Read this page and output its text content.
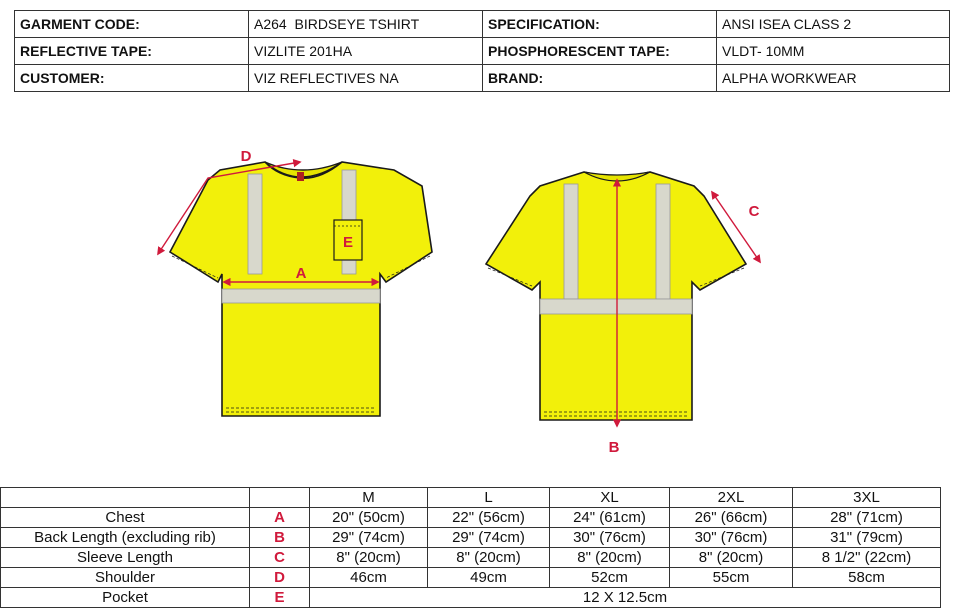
GARMENT CODE:	A264  BIRDSEYE TSHIRT	SPECIFICATION:	ANSI ISEA CLASS 2
REFLECTIVE TAPE:	VIZLITE 201HA	PHOSPHORESCENT TAPE:	VLDT- 10MM
CUSTOMER:	VIZ REFLECTIVES NA	BRAND:	ALPHA WORKWEAR
A
D
E
B
C
		M	L	XL	2XL	3XL
Chest	A	20" (50cm)	22" (56cm)	24" (61cm)	26" (66cm)	28" (71cm)
Back Length (excluding rib)	B	29" (74cm)	29" (74cm)	30" (76cm)	30" (76cm)	31" (79cm)
Sleeve Length	C	8" (20cm)	8" (20cm)	8" (20cm)	8" (20cm)	8 1/2" (22cm)
Shoulder	D	46cm	49cm	52cm	55cm	58cm
Pocket	E	12 X 12.5cm				
